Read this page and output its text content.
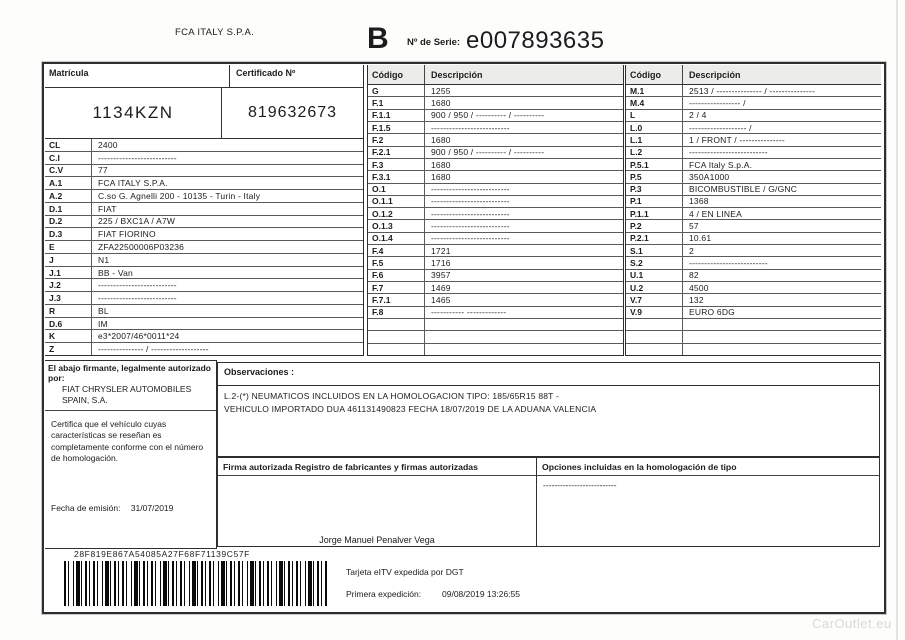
FCA ITALY S.P.A.	B Nº de Serie: e007893635
Matrícula	Certificado Nº
1134KZN	819632673
CL	2400
C.I	--------------------------
C.V	77
A.1	FCA ITALY S.P.A.
A.2	C.so G. Agnelli 200 - 10135 - Turin - Italy
D.1	FIAT
D.2	225 / BXC1A / A7W
D.3	FIAT FIORINO
E	ZFA22500006P03236
J	N1
J.1	BB - Van
J.2	--------------------------
J.3	--------------------------
R	BL
D.6	IM
K	e3*2007/46*0011*24
Z	--------------- / -------------------
Código	Descripción
G	1255
F.1	1680
F.1.1	900 / 950 / ---------- / ----------
F.1.5	--------------------------
F.2	1680
F.2.1	900 / 950 / ---------- / ----------
F.3	1680
F.3.1	1680
O.1	--------------------------
O.1.1	--------------------------
O.1.2	--------------------------
O.1.3	--------------------------
O.1.4	--------------------------
F.4	1721
F.5	1716
F.6	3957
F.7	1469
F.7.1	1465
F.8	----------- -------------
Código	Descripción
M.1	2513 / --------------- / ---------------
M.4	----------------- /
L	2 / 4
L.0	------------------- /
L.1	1 / FRONT / ---------------
L.2	--------------------------
P.5.1	FCA Italy S.p.A.
P.5	350A1000
P.3	BICOMBUSTIBLE / G/GNC
P.1	1368
P.1.1	4 / EN LINEA
P.2	57
P.2.1	10.61
S.1	2
S.2	--------------------------
U.1	82
U.2	4500
V.7	132
V.9	EURO 6DG
El abajo firmante, legalmente autorizado por:
FIAT CHRYSLER AUTOMOBILES
SPAIN, S.A.
Certifica que el vehículo cuyas características se reseñan es completamente conforme con el número de homologación.
Fecha de emisión: 31/07/2019
Observaciones :
L.2-(*) NEUMATICOS INCLUIDOS EN LA HOMOLOGACION TIPO: 185/65R15 88T -
VEHICULO IMPORTADO DUA 461131490823 FECHA 18/07/2019 DE LA ADUANA VALENCIA
Firma autorizada Registro de fabricantes y firmas autorizadas
Jorge Manuel Penalver Vega
Opciones incluidas en la homologación de tipo
--------------------------
28F819E867A54085A27F68F71139C57F
Tarjeta eITV expedida por DGT
Primera expedición: 09/08/2019 13:26:55
CarOutlet.eu
